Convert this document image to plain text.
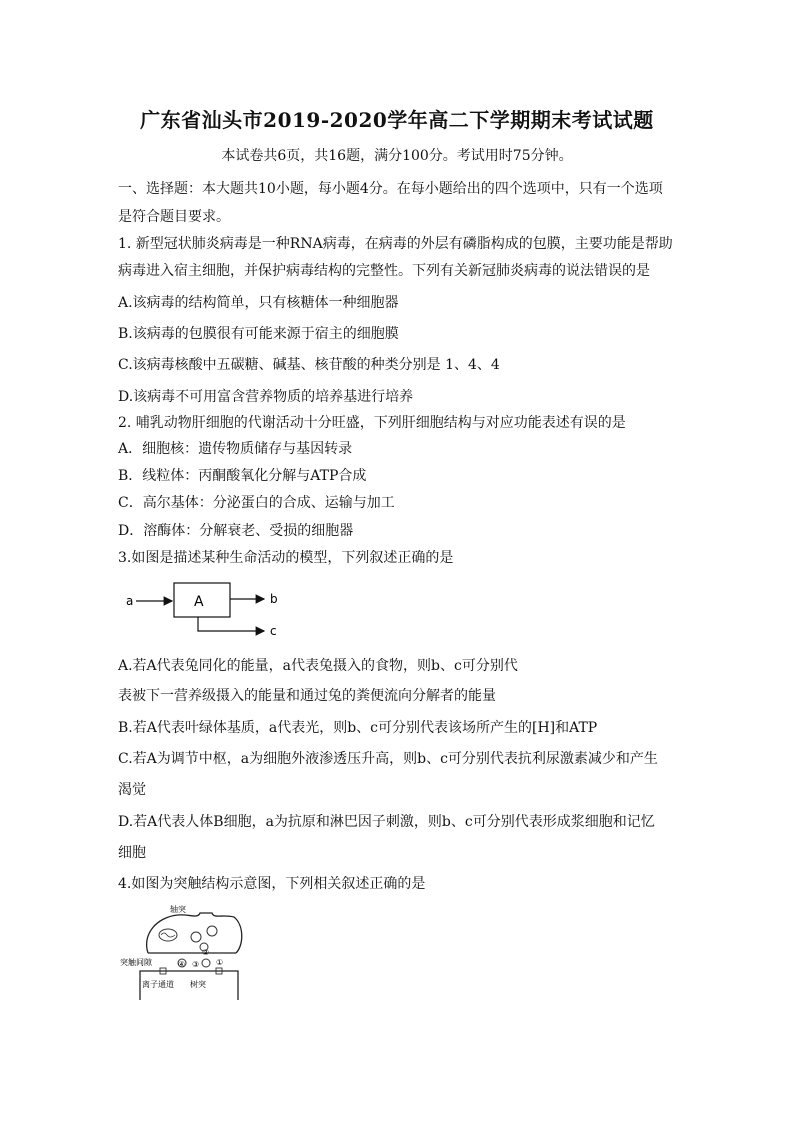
广东省汕头市2019-2020学年高二下学期期末考试试题
本试卷共6页，共16题，满分100分。考试用时75分钟。
一、选择题：本大题共10小题，每小题4分。在每小题给出的四个选项中，只有一个选项
是符合题目要求。
1. 新型冠状肺炎病毒是一种RNA病毒，在病毒的外层有磷脂构成的包膜，主要功能是帮助
病毒进入宿主细胞，并保护病毒结构的完整性。下列有关新冠肺炎病毒的说法错误的是
A.该病毒的结构简单，只有核糖体一种细胞器
B.该病毒的包膜很有可能来源于宿主的细胞膜
C.该病毒核酸中五碳糖、碱基、核苷酸的种类分别是 1、4、4
D.该病毒不可用富含营养物质的培养基进行培养
2. 哺乳动物肝细胞的代谢活动十分旺盛，下列肝细胞结构与对应功能表述有误的是
A．细胞核：遗传物质储存与基因转录
B．线粒体：丙酮酸氧化分解与ATP合成
C．高尔基体：分泌蛋白的合成、运输与加工
D．溶酶体：分解衰老、受损的细胞器
3.如图是描述某种生命活动的模型，下列叙述正确的是
a	A	b
c
A.若A代表兔同化的能量，a代表兔摄入的食物，则b、c可分别代
表被下一营养级摄入的能量和通过兔的粪便流向分解者的能量
B.若A代表叶绿体基质，a代表光，则b、c可分别代表该场所产生的[H]和ATP
C.若A为调节中枢，a为细胞外液渗透压升高，则b、c可分别代表抗利尿激素减少和产生
渴觉
D.若A代表人体B细胞，a为抗原和淋巴因子刺激，则b、c可分别代表形成浆细胞和记忆
细胞
4.如图为突触结构示意图，下列相关叙述正确的是
轴突
②
①
④ ③
突触间隙
离子通道 树突
